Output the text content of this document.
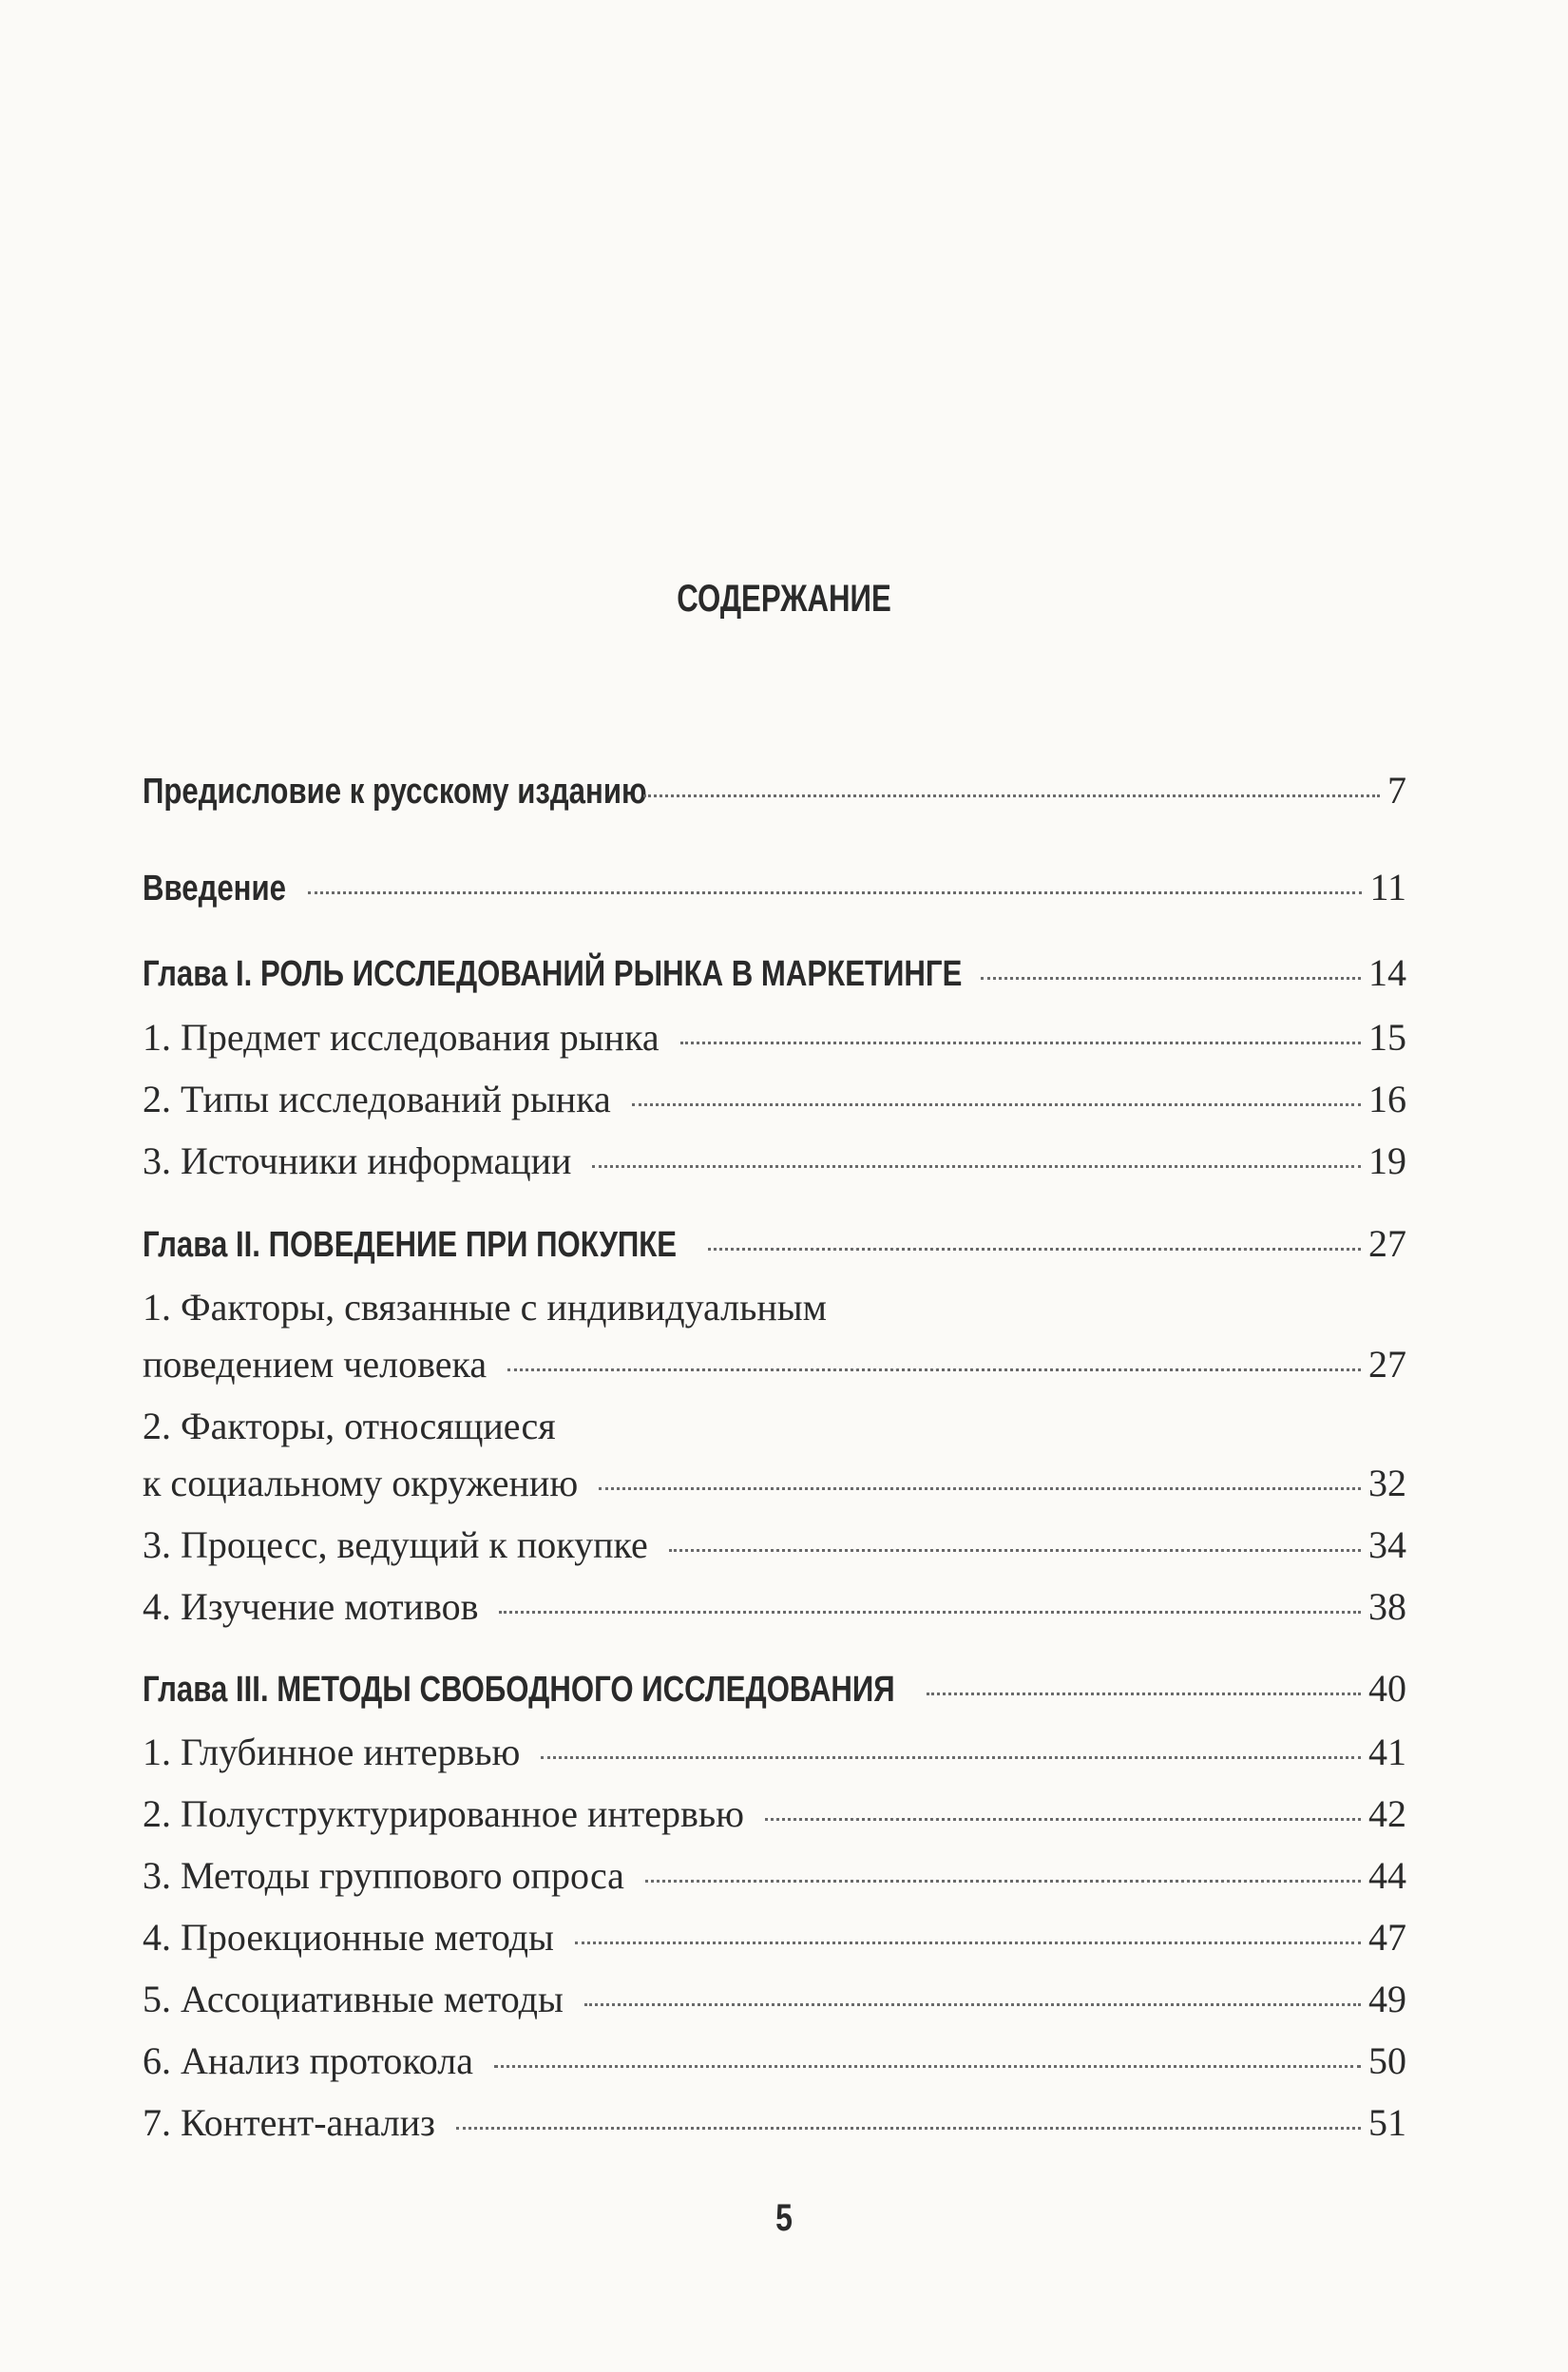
СОДЕРЖАНИЕ
Предисловие к русскому изданию	7
Введение	11
Глава I. РОЛЬ ИССЛЕДОВАНИЙ РЫНКА В МАРКЕТИНГЕ	14
1. Предмет исследования рынка	15
2. Типы исследований рынка	16
3. Источники информации	19
Глава II. ПОВЕДЕНИЕ ПРИ ПОКУПКЕ	27
1. Факторы, связанные с индивидуальным
поведением человека	27
2. Факторы, относящиеся
к социальному окружению	32
3. Процесс, ведущий к покупке	34
4. Изучение мотивов	38
Глава III. МЕТОДЫ СВОБОДНОГО ИССЛЕДОВАНИЯ	40
1. Глубинное интервью	41
2. Полуструктурированное интервью	42
3. Методы группового опроса	44
4. Проекционные методы	47
5. Ассоциативные методы	49
6. Анализ протокола	50
7. Контент-анализ	51
5
